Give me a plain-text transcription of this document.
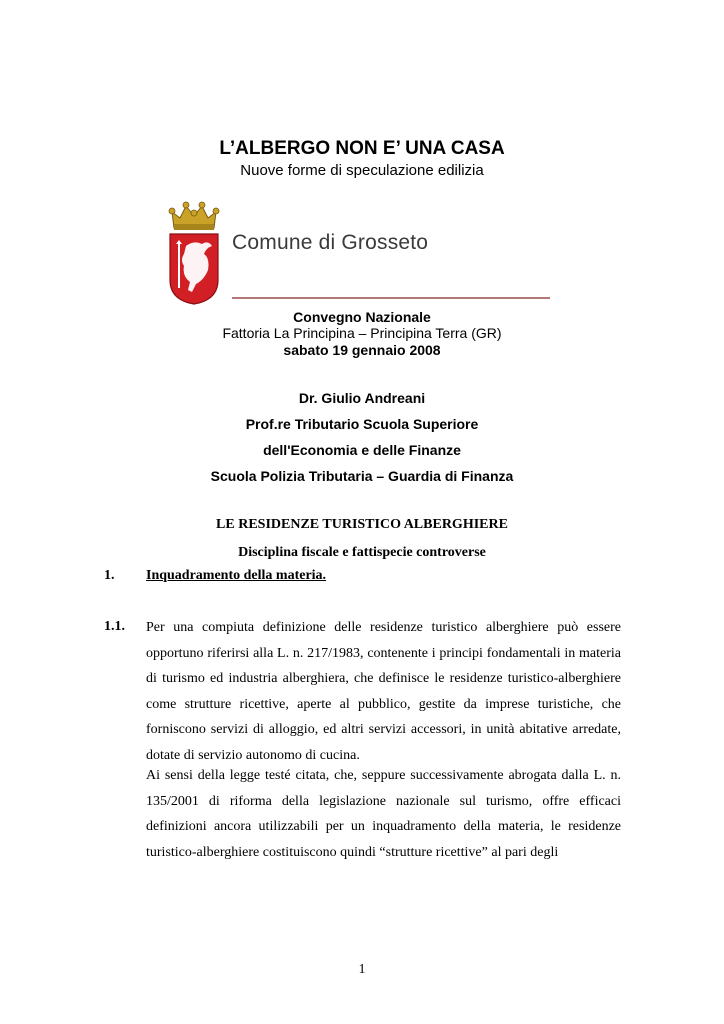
L’ALBERGO NON E’ UNA CASA
Nuove forme di speculazione edilizia
Comune di Grosseto
Convegno Nazionale
Fattoria La Principina – Principina Terra (GR)
sabato 19 gennaio 2008
Dr. Giulio Andreani
Prof.re Tributario Scuola Superiore
dell'Economia e delle Finanze
Scuola Polizia Tributaria – Guardia di Finanza
LE RESIDENZE TURISTICO ALBERGHIERE
Disciplina fiscale e fattispecie controverse
1. Inquadramento della materia.
1.1. Per una compiuta definizione delle residenze turistico alberghiere può essere opportuno riferirsi alla L. n. 217/1983, contenente i principi fondamentali in materia di turismo ed industria alberghiera, che definisce le residenze turistico-alberghiere come strutture ricettive, aperte al pubblico, gestite da imprese turistiche, che forniscono servizi di alloggio, ed altri servizi accessori, in unità abitative arredate, dotate di servizio autonomo di cucina.

Ai sensi della legge testé citata, che, seppure successivamente abrogata dalla L. n. 135/2001 di riforma della legislazione nazionale sul turismo, offre efficaci definizioni ancora utilizzabili per un inquadramento della materia, le residenze turistico-alberghiere costituiscono quindi “strutture ricettive” al pari degli

1
